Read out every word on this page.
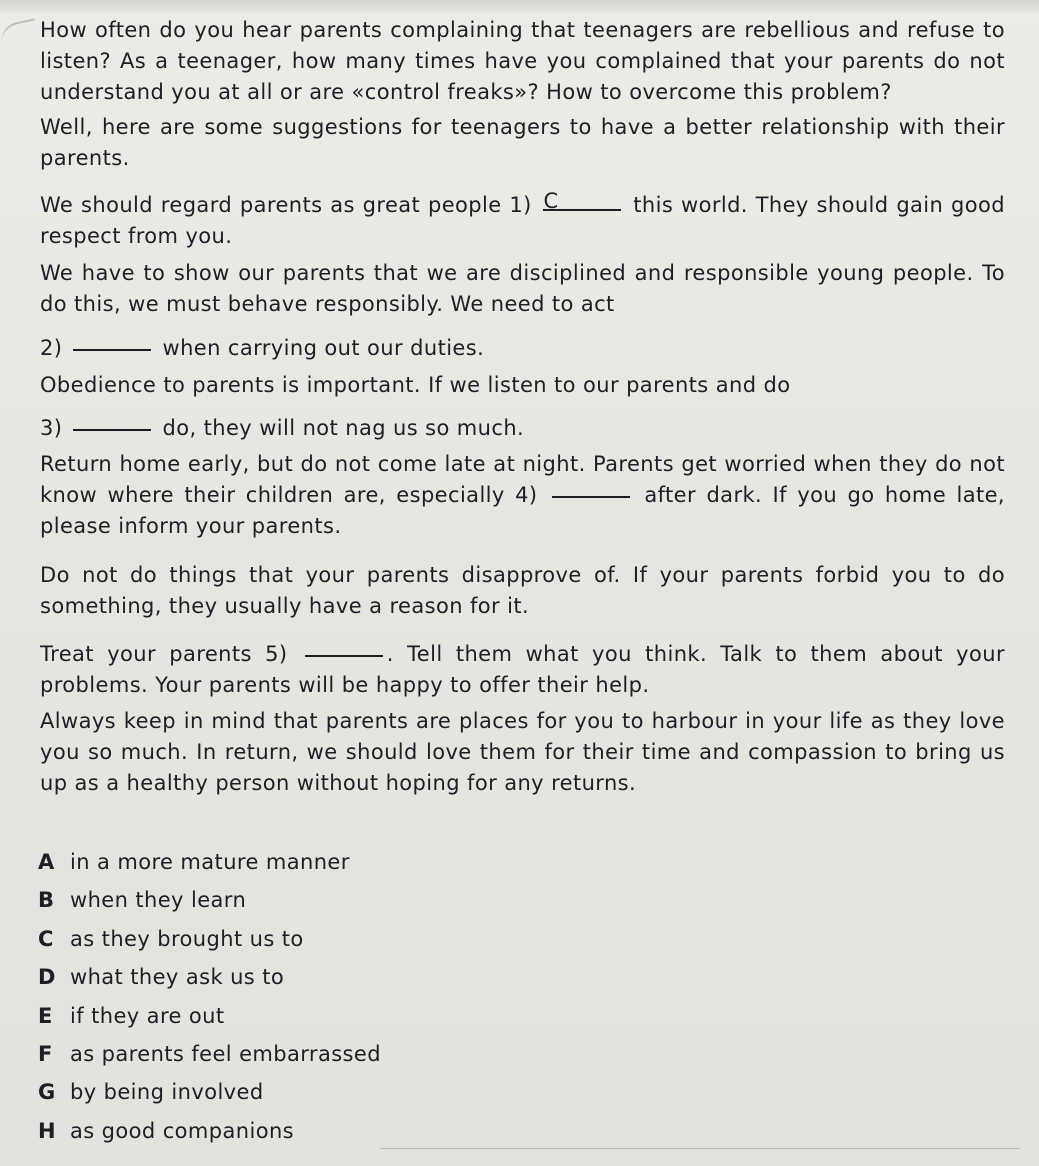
How often do you hear parents complaining that teenagers are rebellious and refuse to listen? As a teenager, how many times have you complained that your parents do not understand you at all or are «control freaks»? How to overcome this problem?

Well, here are some suggestions for teenagers to have a better relationship with their parents.

We should regard parents as great people 1) C	this world. They should gain good respect from you.

We have to show our parents that we are disciplined and responsible young people. To do this, we must behave responsibly. We need to act

2)	when carrying out our duties.

Obedience to parents is important. If we listen to our parents and do

3)	do, they will not nag us so much.

Return home early, but do not come late at night. Parents get worried when they do not know where their children are, especially 4)	after dark. If you go home late, please inform your parents.

Do not do things that your parents disapprove of. If your parents forbid you to do something, they usually have a reason for it.

Treat your parents 5)	. Tell them what you think. Talk to them about your problems. Your parents will be happy to offer their help.

Always keep in mind that parents are places for you to harbour in your life as they love you so much. In return, we should love them for their time and compassion to bring us up as a healthy person without hoping for any returns.

A in a more mature manner
B when they learn
C as they brought us to
D what they ask us to
E if they are out
F as parents feel embarrassed
G by being involved
H as good companions
